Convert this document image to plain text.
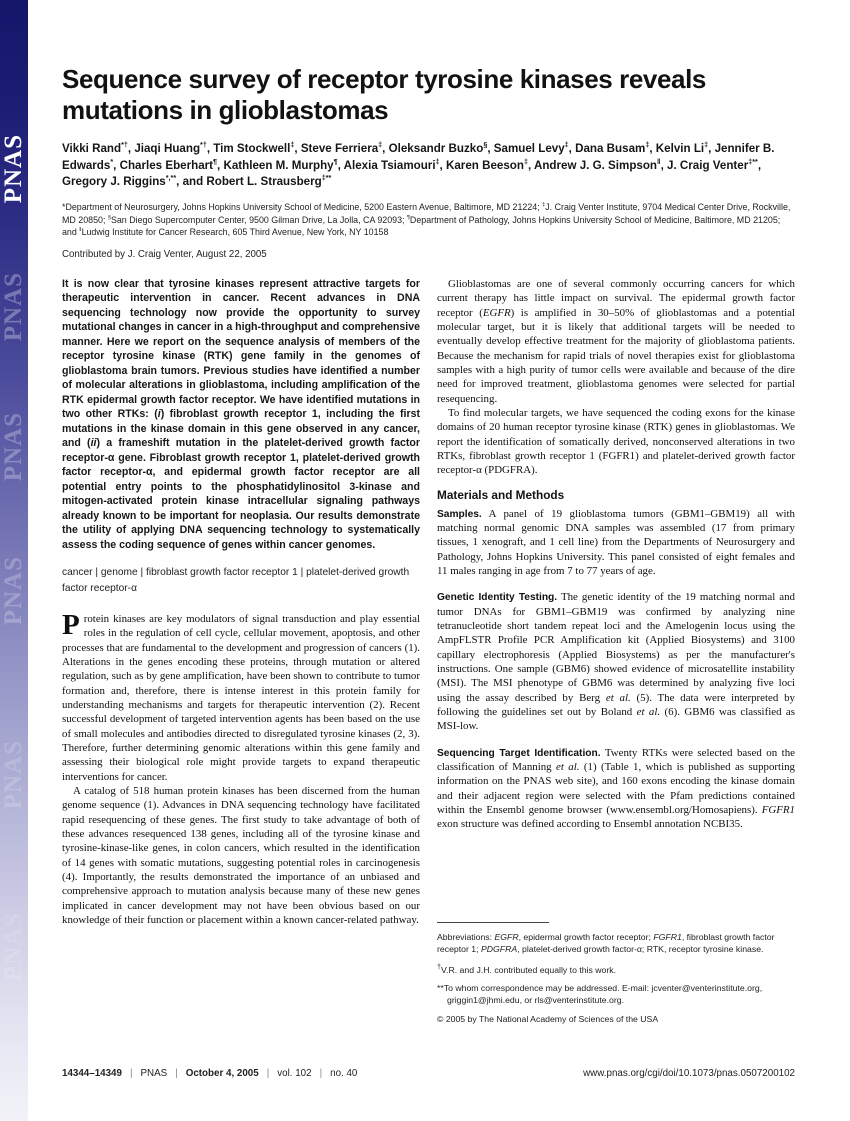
PNAS
PNAS
PNAS
PNAS
PNAS
PNAS
Sequence survey of receptor tyrosine kinases reveals
mutations in glioblastomas

Vikki Rand*†, Jiaqi Huang*†, Tim Stockwell‡, Steve Ferriera‡, Oleksandr Buzko§, Samuel Levy‡, Dana Busam‡, Kelvin Li‡, Jennifer B. Edwards*, Charles Eberhart¶, Kathleen M. Murphy¶, Alexia Tsiamouri‡, Karen Beeson‡, Andrew J. G. Simpson‖, J. Craig Venter‡**, Gregory J. Riggins*,**, and Robert L. Strausberg‡**

*Department of Neurosurgery, Johns Hopkins University School of Medicine, 5200 Eastern Avenue, Baltimore, MD 21224; ‡J. Craig Venter Institute, 9704 Medical Center Drive, Rockville, MD 20850; §San Diego Supercomputer Center, 9500 Gilman Drive, La Jolla, CA 92093; ¶Department of Pathology, Johns Hopkins University School of Medicine, Baltimore, MD 21205; and ‖Ludwig Institute for Cancer Research, 605 Third Avenue, New York, NY 10158

Contributed by J. Craig Venter, August 22, 2005

It is now clear that tyrosine kinases represent attractive targets for therapeutic intervention in cancer. Recent advances in DNA sequencing technology now provide the opportunity to survey mutational changes in cancer in a high-throughput and comprehensive manner. Here we report on the sequence analysis of members of the receptor tyrosine kinase (RTK) gene family in the genomes of glioblastoma brain tumors. Previous studies have identified a number of molecular alterations in glioblastoma, including amplification of the RTK epidermal growth factor receptor. We have identified mutations in two other RTKs: (i) fibroblast growth receptor 1, including the first mutations in the kinase domain in this gene observed in any cancer, and (ii) a frameshift mutation in the platelet-derived growth factor receptor-α gene. Fibroblast growth receptor 1, platelet-derived growth factor receptor-α, and epidermal growth factor receptor are all potential entry points to the phosphatidylinositol 3-kinase and mitogen-activated protein kinase intracellular signaling pathways already known to be important for neoplasia. Our results demonstrate the utility of applying DNA sequencing technology to systematically assess the coding sequence of genes within cancer genomes.

cancer | genome | fibroblast growth factor receptor 1 | platelet-derived growth factor receptor-α

Protein kinases are key modulators of signal transduction and play essential roles in the regulation of cell cycle, cellular movement, apoptosis, and other processes that are fundamental to the development and progression of cancers (1). Alterations in the genes encoding these proteins, through mutation or altered regulation, such as by gene amplification, have been shown to contribute to tumor formation and, therefore, there is intense interest in this protein family for understanding mechanisms and targets for therapeutic intervention (2). Recent successful development of targeted intervention agents has been based on the use of small molecules and antibodies directed to disregulated tyrosine kinases (2, 3). Therefore, further determining genomic alterations within this gene family and assessing their biological role might provide targets to expand therapeutic interventions for cancer.

A catalog of 518 human protein kinases has been discerned from the human genome sequence (1). Advances in DNA sequencing technology have facilitated rapid resequencing of these genes. The first study to take advantage of both of these advances resequenced 138 genes, including all of the tyrosine kinase and tyrosine-kinase-like genes, in colon cancers, which resulted in the identification of 14 genes with somatic mutations, suggesting potential roles in carcinogenesis (4). Importantly, the results demonstrated the importance of an unbiased and comprehensive approach to mutation analysis because many of these new genes implicated in cancer development may not have been obvious based on our knowledge of their function or placement within a known cancer-related pathway.

Glioblastomas are one of several commonly occurring cancers for which current therapy has little impact on survival. The epidermal growth factor receptor (EGFR) is amplified in 30–50% of glioblastomas and a potential molecular target, but it is likely that additional targets will be needed to eventually develop effective treatment for the majority of glioblastoma patients. Because the mechanism for rapid trials of novel therapies exist for glioblastoma samples with a high purity of tumor cells were available and because of the dire need for improved treatment, glioblastoma genomes were selected for partial resequencing.

To find molecular targets, we have sequenced the coding exons for the kinase domains of 20 human receptor tyrosine kinase (RTK) genes in glioblastomas. We report the identification of somatically derived, nonconserved alterations in two RTKs, fibroblast growth receptor 1 (FGFR1) and platelet-derived growth factor receptor-α (PDGFRA).

Materials and Methods

Samples. A panel of 19 glioblastoma tumors (GBM1–GBM19) all with matching normal genomic DNA samples was assembled (17 from primary tissues, 1 xenograft, and 1 cell line) from the Departments of Neurosurgery and Pathology, Johns Hopkins University. This panel consisted of eight females and 11 males ranging in age from 7 to 77 years of age.

Genetic Identity Testing. The genetic identity of the 19 matching normal and tumor DNAs for GBM1–GBM19 was confirmed by analyzing nine tetranucleotide short tandem repeat loci and the Amelogenin locus using the AmpFLSTR Profile PCR Amplification kit (Applied Biosystems) and 3100 capillary electrophoresis (Applied Biosystems) as per the manufacturer's instructions. One sample (GBM6) showed evidence of microsatellite instability (MSI). The MSI phenotype of GBM6 was determined by analyzing five loci using the assay described by Berg et al. (5). The data were interpreted by following the guidelines set out by Boland et al. (6). GBM6 was classified as MSI-low.

Sequencing Target Identification. Twenty RTKs were selected based on the classification of Manning et al. (1) (Table 1, which is published as supporting information on the PNAS web site), and 160 exons encoding the kinase domain and their adjacent region were selected with the Pfam predictions contained within the Ensembl genome browser (www.ensembl.org/Homosapiens). FGFR1 exon structure was defined according to Ensembl annotation NCBI35.

Abbreviations: EGFR, epidermal growth factor receptor; FGFR1, fibroblast growth factor receptor 1; PDGFRA, platelet-derived growth factor-α; RTK, receptor tyrosine kinase.

†V.R. and J.H. contributed equally to this work.

**To whom correspondence may be addressed. E-mail: jcventer@venterinstitute.org, griggin1@jhmi.edu, or rls@venterinstitute.org.

© 2005 by The National Academy of Sciences of the USA

14344–14349 | PNAS | October 4, 2005 | vol. 102 | no. 40	www.pnas.org/cgi/doi/10.1073/pnas.0507200102
